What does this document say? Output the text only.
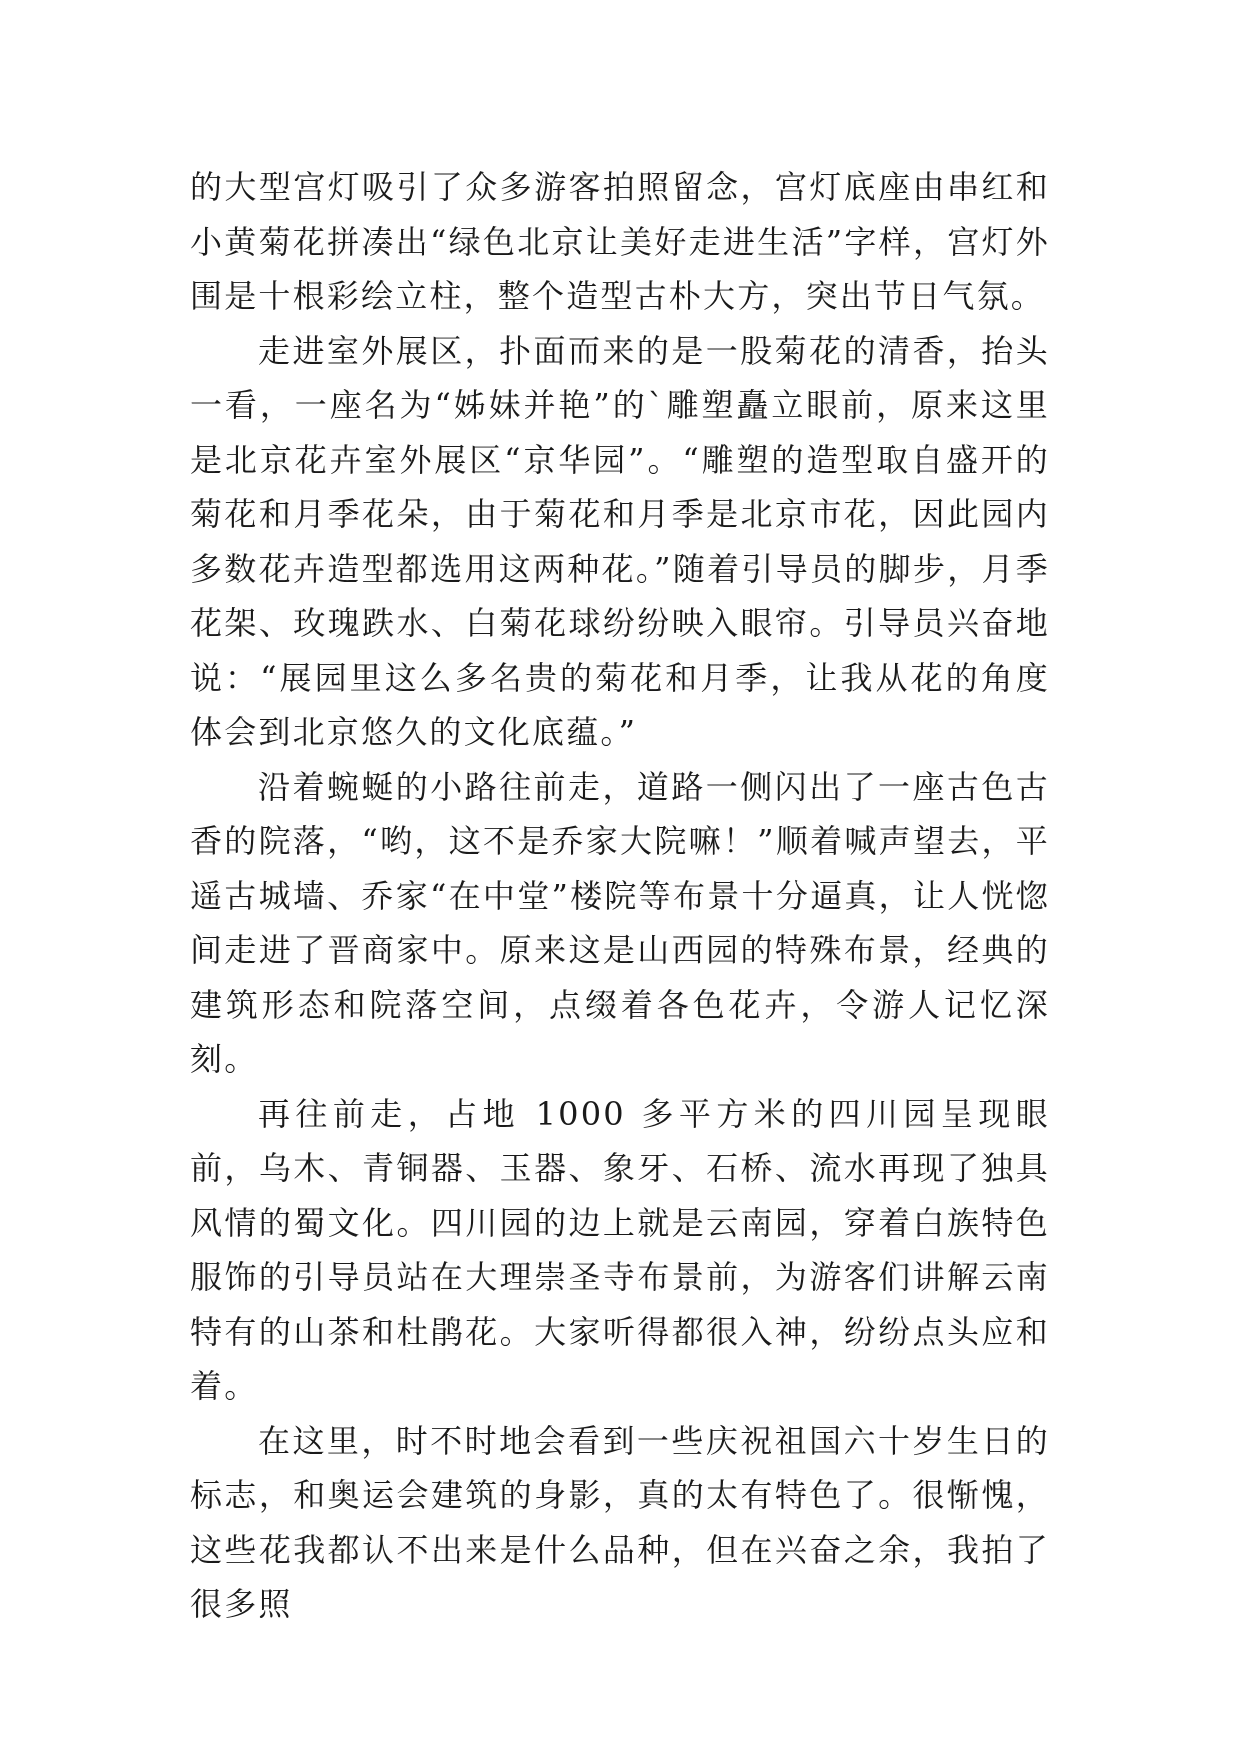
的大型宫灯吸引了众多游客拍照留念，宫灯底座由串红和小黄菊花拼凑出“绿色北京让美好走进生活”字样，宫灯外围是十根彩绘立柱，整个造型古朴大方，突出节日气氛。

走进室外展区，扑面而来的是一股菊花的清香，抬头一看，一座名为“姊妹并艳”的`雕塑矗立眼前，原来这里是北京花卉室外展区“京华园”。“雕塑的造型取自盛开的菊花和月季花朵，由于菊花和月季是北京市花，因此园内多数花卉造型都选用这两种花。”随着引导员的脚步，月季花架、玫瑰跌水、白菊花球纷纷映入眼帘。引导员兴奋地说：“展园里这么多名贵的菊花和月季，让我从花的角度体会到北京悠久的文化底蕴。”

沿着蜿蜒的小路往前走，道路一侧闪出了一座古色古香的院落，“哟，这不是乔家大院嘛！”顺着喊声望去，平遥古城墙、乔家“在中堂”楼院等布景十分逼真，让人恍惚间走进了晋商家中。原来这是山西园的特殊布景，经典的建筑形态和院落空间，点缀着各色花卉，令游人记忆深刻。

再往前走，占地 1000 多平方米的四川园呈现眼前，乌木、青铜器、玉器、象牙、石桥、流水再现了独具风情的蜀文化。四川园的边上就是云南园，穿着白族特色服饰的引导员站在大理崇圣寺布景前，为游客们讲解云南特有的山茶和杜鹃花。大家听得都很入神，纷纷点头应和着。

在这里，时不时地会看到一些庆祝祖国六十岁生日的标志，和奥运会建筑的身影，真的太有特色了。很惭愧，这些花我都认不出来是什么品种，但在兴奋之余，我拍了很多照
